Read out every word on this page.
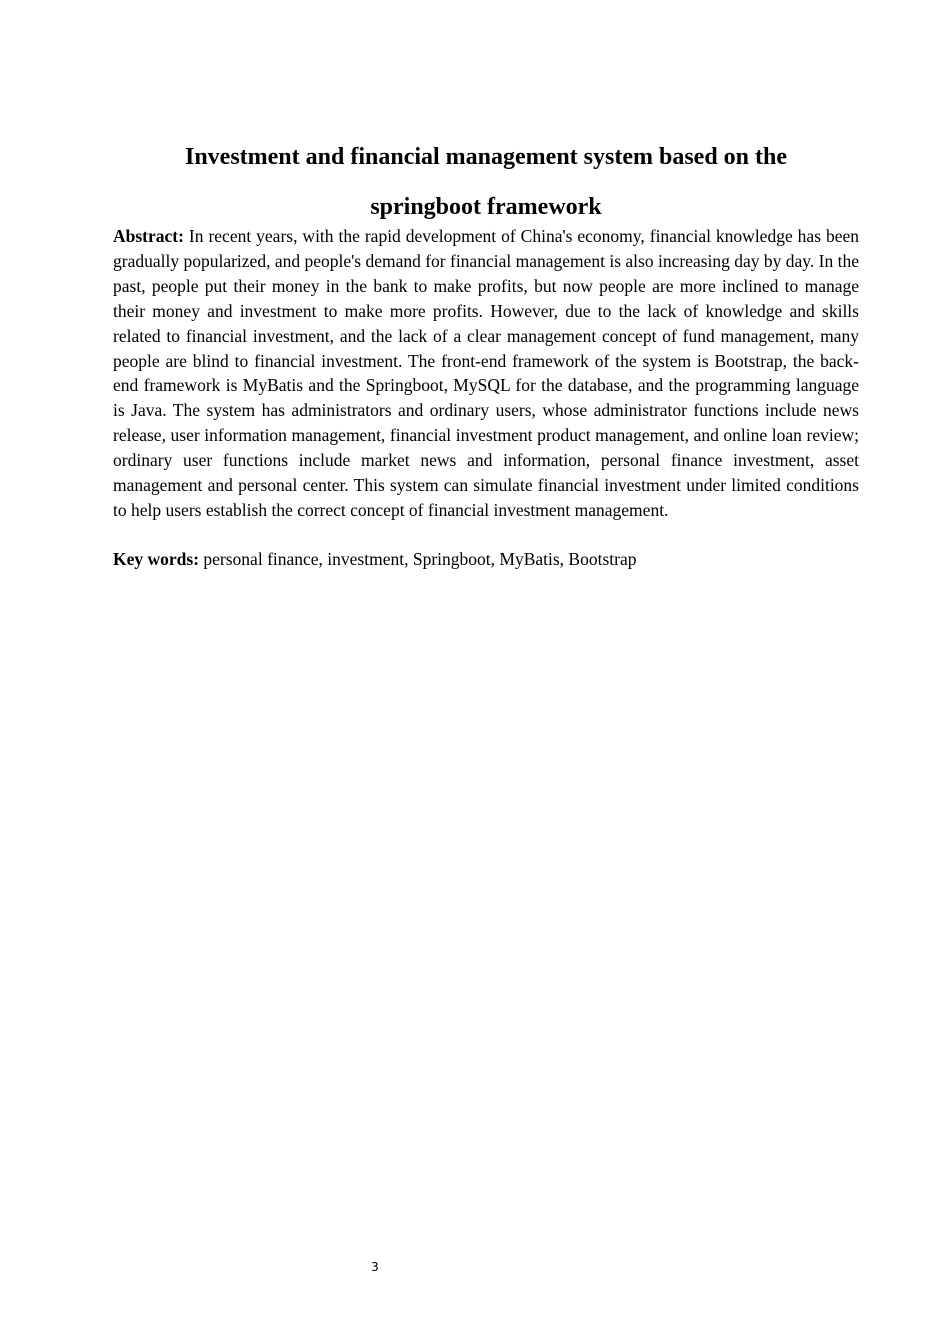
Investment and financial management system based on the
springboot framework

Abstract: In recent years, with the rapid development of China's economy, financial knowledge has been gradually popularized, and people's demand for financial management is also increasing day by day. In the past, people put their money in the bank to make profits, but now people are more inclined to manage their money and investment to make more profits. However, due to the lack of knowledge and skills related to financial investment, and the lack of a clear management concept of fund management, many people are blind to financial investment. The front-end framework of the system is Bootstrap, the back-end framework is MyBatis and the Springboot, MySQL for the database, and the programming language is Java. The system has administrators and ordinary users, whose administrator functions include news release, user information management, financial investment product management, and online loan review; ordinary user functions include market news and information, personal finance investment, asset management and personal center. This system can simulate financial investment under limited conditions to help users establish the correct concept of financial investment management.

Key words: personal finance, investment, Springboot, MyBatis, Bootstrap

3
